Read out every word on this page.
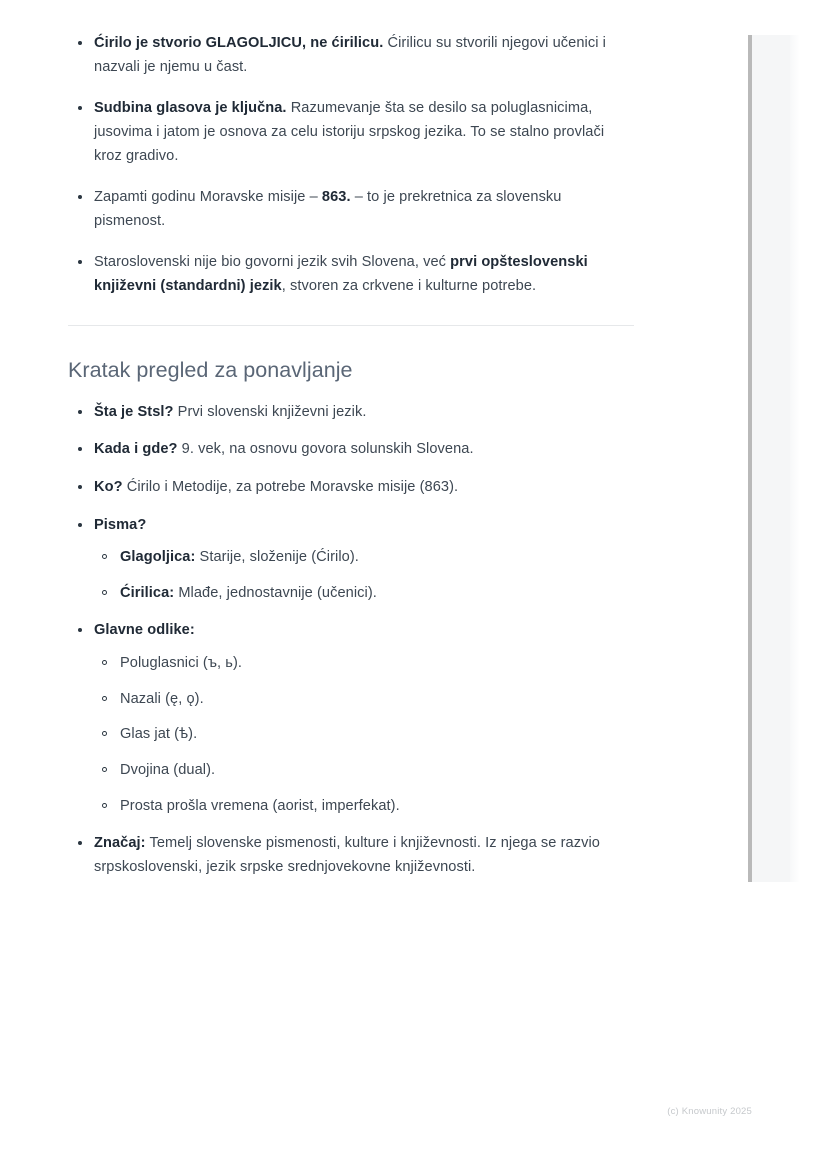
Ćirilo je stvorio GLAGOLJICU, ne ćirilicu. Ćirilicu su stvorili njegovi učenici i nazvali je njemu u čast.
Sudbina glasova je ključna. Razumevanje šta se desilo sa poluglasnicima, jusovima i jatom je osnova za celu istoriju srpskog jezika. To se stalno provlači kroz gradivo.
Zapamti godinu Moravske misije – 863. – to je prekretnica za slovensku pismenost.
Staroslovenski nije bio govorni jezik svih Slovena, već prvi opšteslovenski književni (standardni) jezik, stvoren za crkvene i kulturne potrebe.
Kratak pregled za ponavljanje
Šta je Stsl? Prvi slovenski književni jezik.
Kada i gde? 9. vek, na osnovu govora solunskih Slovena.
Ko? Ćirilo i Metodije, za potrebe Moravske misije (863).
Pisma?
Glagoljica: Starije, složenije (Ćirilo).
Ćirilica: Mlađe, jednostavnije (učenici).
Glavne odlike:
Poluglasnici (ъ, ь).
Nazali (ę, ǫ).
Glas jat (ѣ).
Dvojina (dual).
Prosta prošla vremena (aorist, imperfekat).
Značaj: Temelj slovenske pismenosti, kulture i književnosti. Iz njega se razvio srpskoslovenski, jezik srpske srednjovekovne književnosti.
(c) Knowunity 2025
